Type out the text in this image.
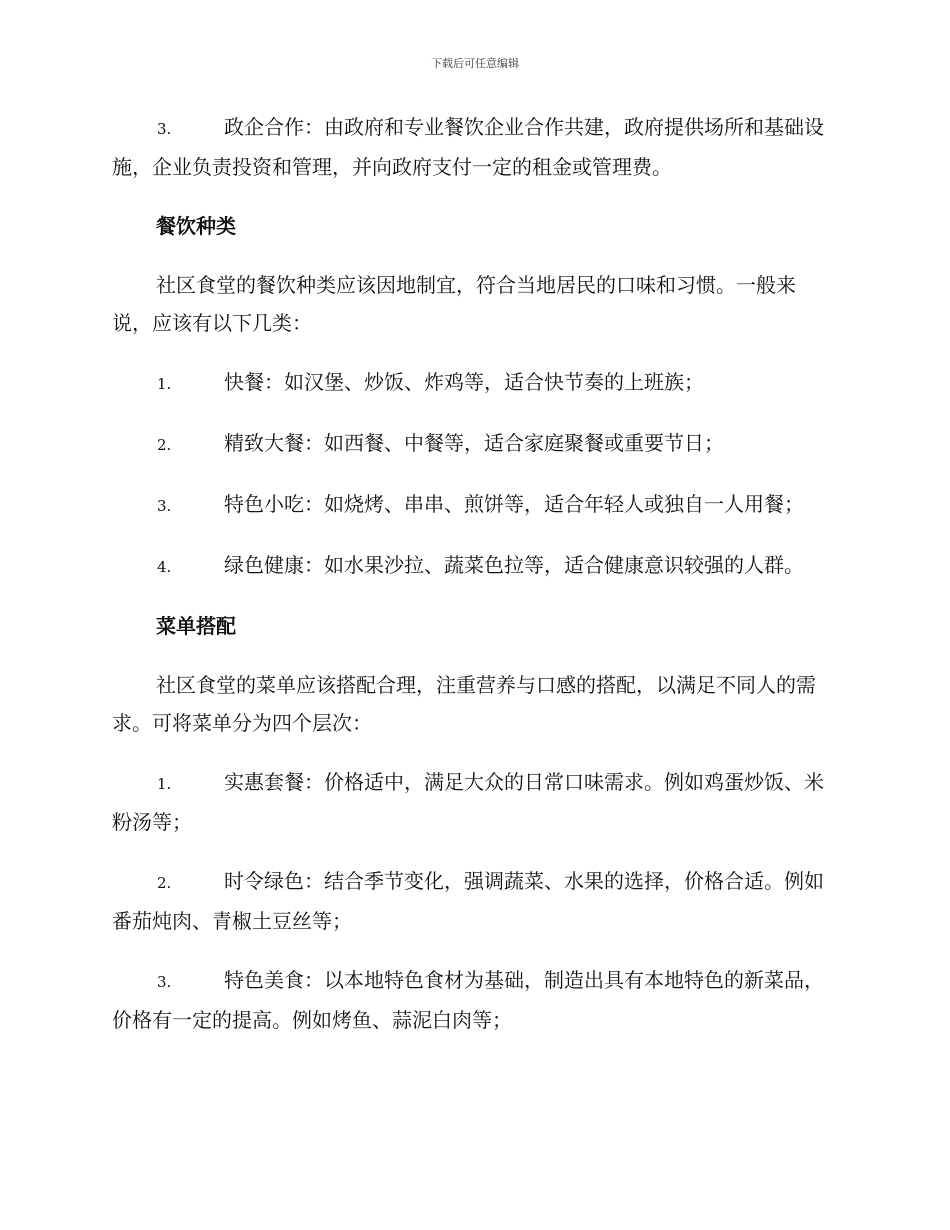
下载后可任意编辑

3.	政企合作：由政府和专业餐饮企业合作共建，政府提供场所和基础设施，企业负责投资和管理，并向政府支付一定的租金或管理费。

餐饮种类

社区食堂的餐饮种类应该因地制宜，符合当地居民的口味和习惯。一般来说，应该有以下几类：

1.	快餐：如汉堡、炒饭、炸鸡等，适合快节奏的上班族；

2.	精致大餐：如西餐、中餐等，适合家庭聚餐或重要节日；

3.	特色小吃：如烧烤、串串、煎饼等，适合年轻人或独自一人用餐；

4.	绿色健康：如水果沙拉、蔬菜色拉等，适合健康意识较强的人群。

菜单搭配

社区食堂的菜单应该搭配合理，注重营养与口感的搭配，以满足不同人的需求。可将菜单分为四个层次：

1.	实惠套餐：价格适中，满足大众的日常口味需求。例如鸡蛋炒饭、米粉汤等；

2.	时令绿色：结合季节变化，强调蔬菜、水果的选择，价格合适。例如番茄炖肉、青椒土豆丝等；

3.	特色美食：以本地特色食材为基础，制造出具有本地特色的新菜品，价格有一定的提高。例如烤鱼、蒜泥白肉等；
